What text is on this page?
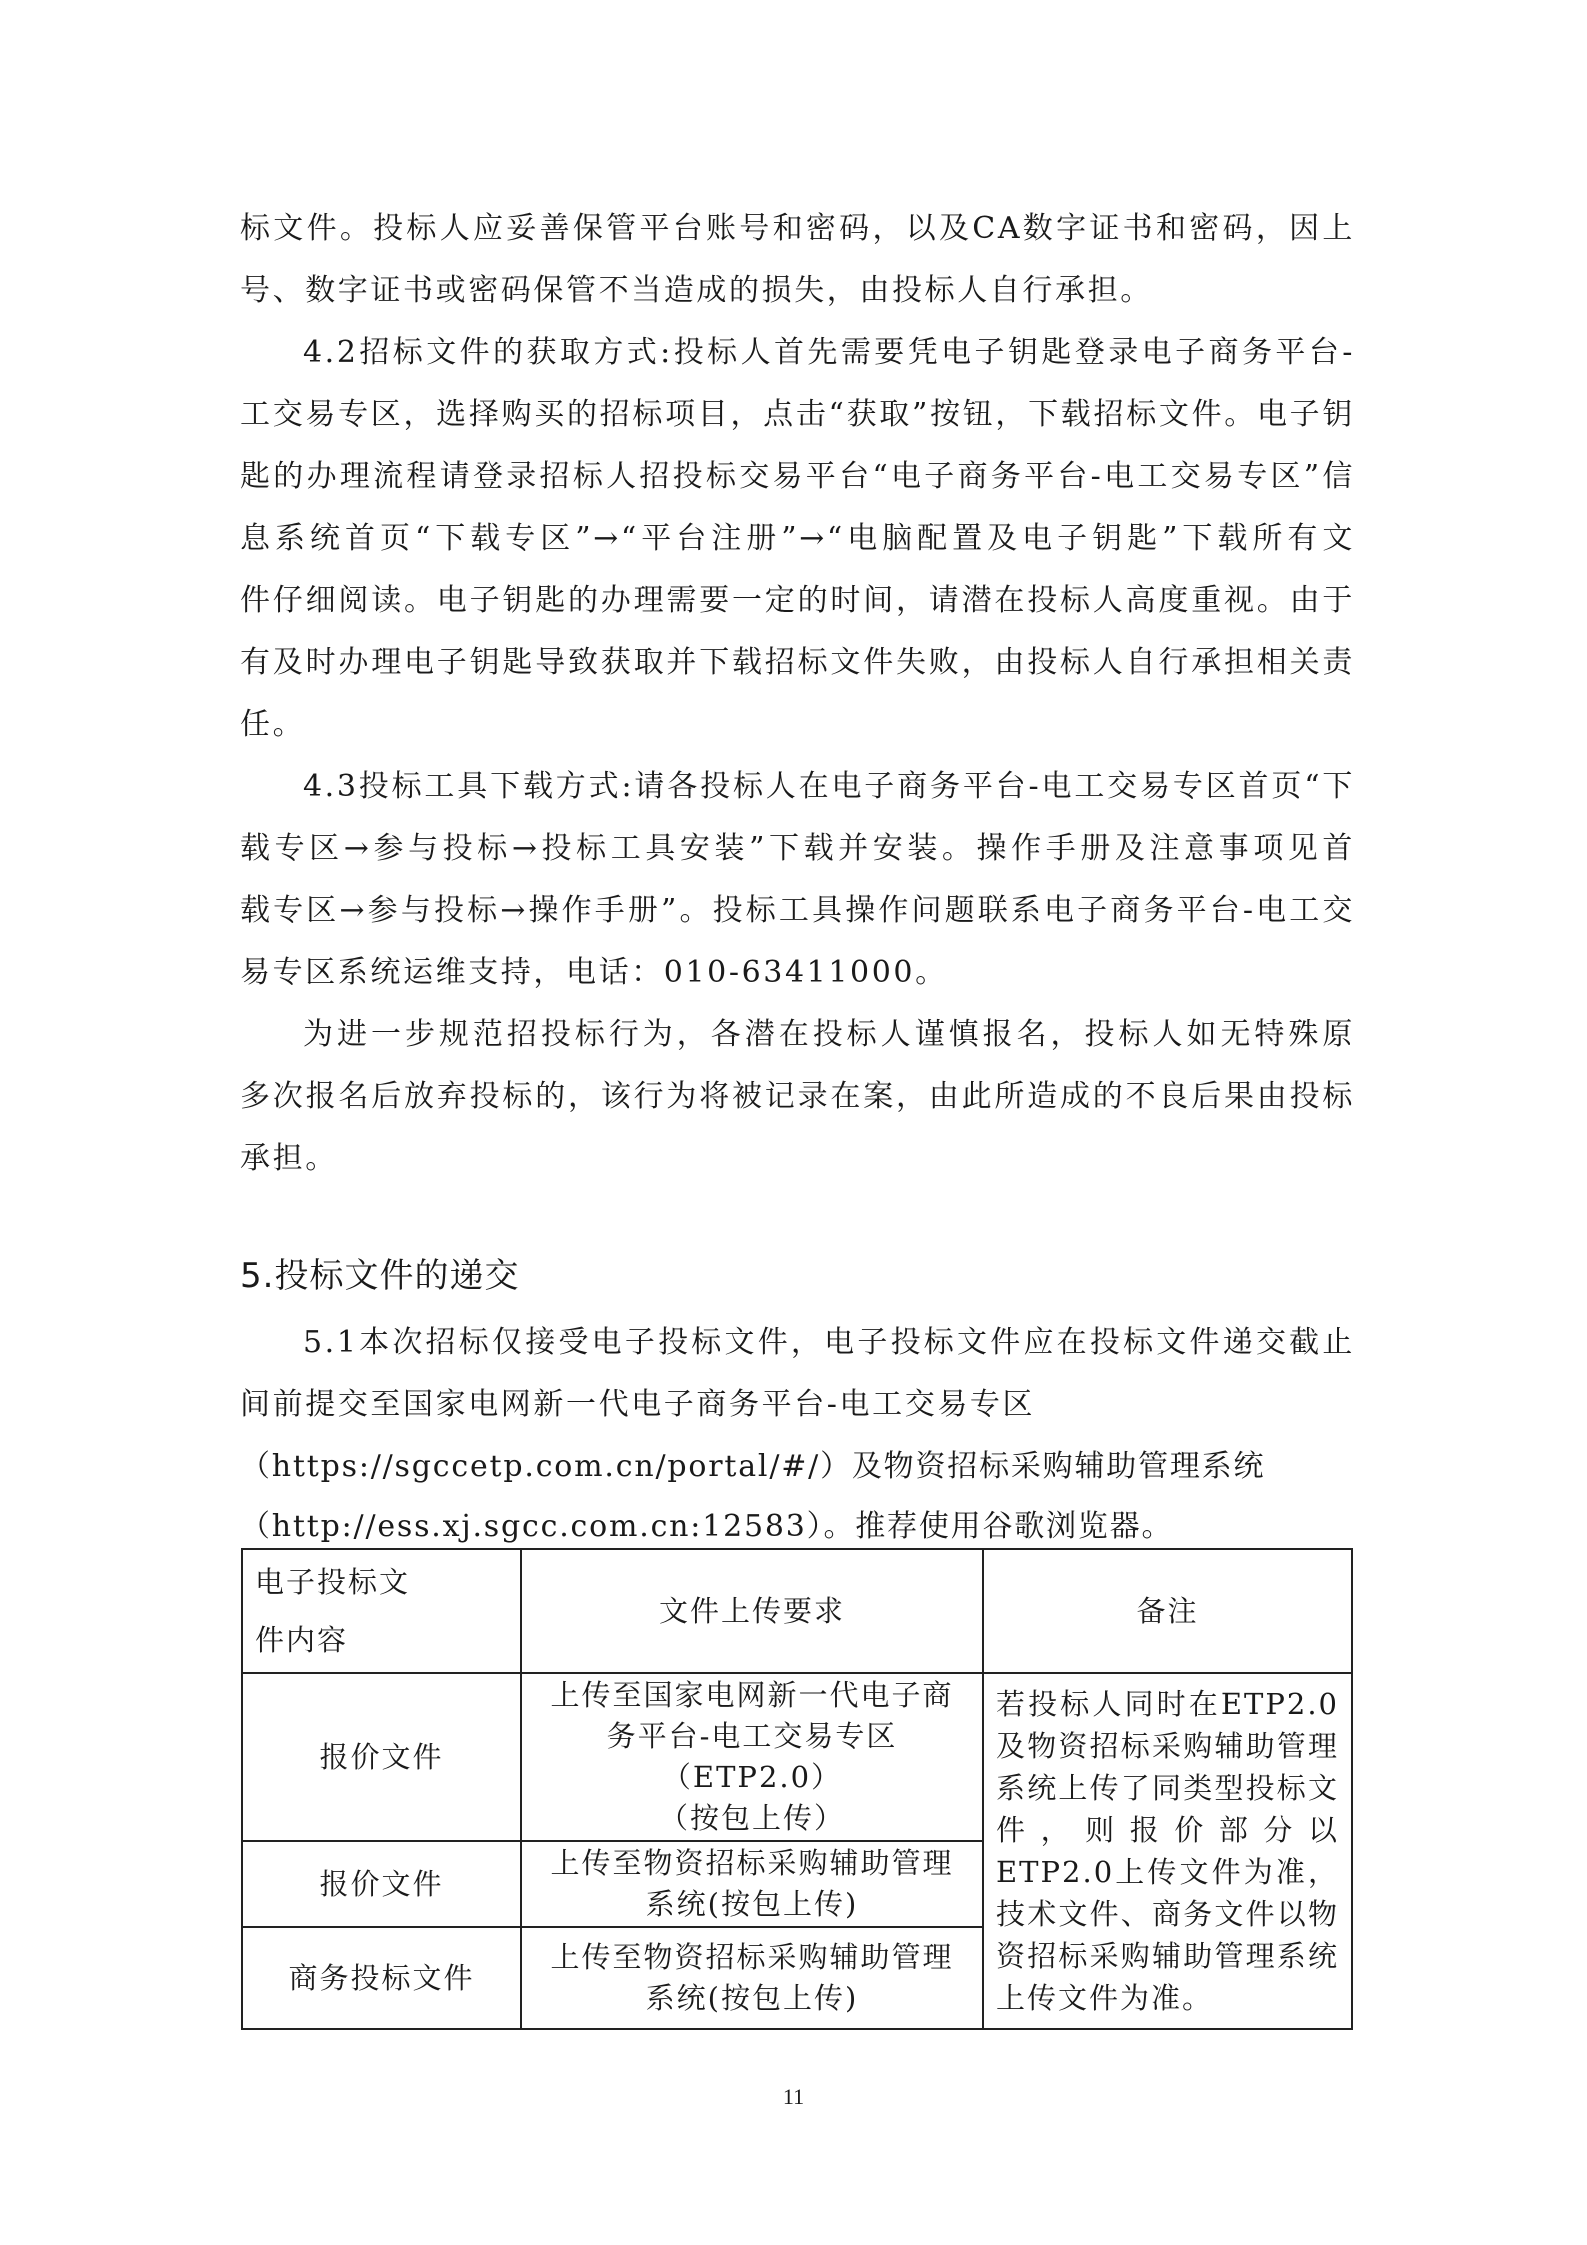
标文件。投标人应妥善保管平台账号和密码，以及CA数字证书和密码，因上

号、数字证书或密码保管不当造成的损失，由投标人自行承担。

4.2招标文件的获取方式:投标人首先需要凭电子钥匙登录电子商务平台-

工交易专区，选择购买的招标项目，点击“获取”按钮，下载招标文件。电子钥

匙的办理流程请登录招标人招投标交易平台“电子商务平台-电工交易专区”信

息系统首页“下载专区”→“平台注册”→“电脑配置及电子钥匙”下载所有文

件仔细阅读。电子钥匙的办理需要一定的时间，请潜在投标人高度重视。由于

有及时办理电子钥匙导致获取并下载招标文件失败，由投标人自行承担相关责

任。

4.3投标工具下载方式:请各投标人在电子商务平台-电工交易专区首页“下

载专区→参与投标→投标工具安装”下载并安装。操作手册及注意事项见首

载专区→参与投标→操作手册”。投标工具操作问题联系电子商务平台-电工交

易专区系统运维支持，电话：010-63411000。

为进一步规范招投标行为，各潜在投标人谨慎报名，投标人如无特殊原

多次报名后放弃投标的，该行为将被记录在案，由此所造成的不良后果由投标

承担。

5.投标文件的递交

5.1本次招标仅接受电子投标文件，电子投标文件应在投标文件递交截止

间前提交至国家电网新一代电子商务平台-电工交易专区

（https://sgccetp.com.cn/portal/#/）及物资招标采购辅助管理系统

（http://ess.xj.sgcc.com.cn:12583）。推荐使用谷歌浏览器。

电子投标文件内容	文件上传要求	备注
报价文件	上传至国家电网新一代电子商
务平台-电工交易专区
（ETP2.0）
（按包上传）	若投标人同时在ETP2.0及物资招标采购辅助管理系统上传了同类型投标文件，则报价部分以ETP2.0上传文件为准，技术文件、商务文件以物资招标采购辅助管理系统上传文件为准。
报价文件	上传至物资招标采购辅助管理
系统(按包上传)	

商务投标文件	上传至物资招标采购辅助管理
系统(按包上传)	
11
